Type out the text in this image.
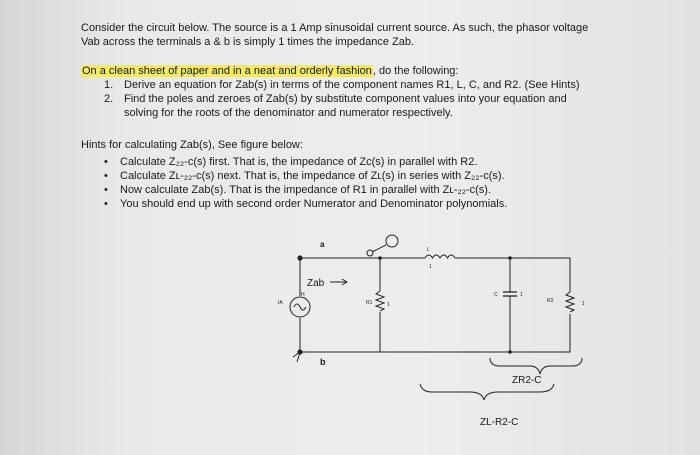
Consider the circuit below. The source is a 1 Amp sinusoidal current source. As such, the phasor voltage
Vab across the terminals a & b is simply 1 times the impedance Zab.
On a clean sheet of paper and in a neat and orderly fashion, do the following:
1. Derive an equation for Zab(s) in terms of the component names R1, L, C, and R2. (See Hints)
2. Find the poles and zeroes of Zab(s) by substitute component values into your equation and
solving for the roots of the denominator and numerator respectively.
Hints for calculating Zab(s), See figure below:
• Calculate Z₂₂‑c(s) first. That is, the impedance of Zc(s) in parallel with R2.
• Calculate Zʟ‑₂₂‑c(s) next. That is, the impedance of Zʟ(s) in series with Z₂₂‑c(s).
• Now calculate Zab(s). That is the impedance of R1 in parallel with Zʟ‑₂₂‑c(s).
• You should end up with second order Numerator and Denominator polynomials.
a
b
Zab
IA
H
R1	1
L
1
C	1
R2	1
ZR2-C
ZL-R2-C
